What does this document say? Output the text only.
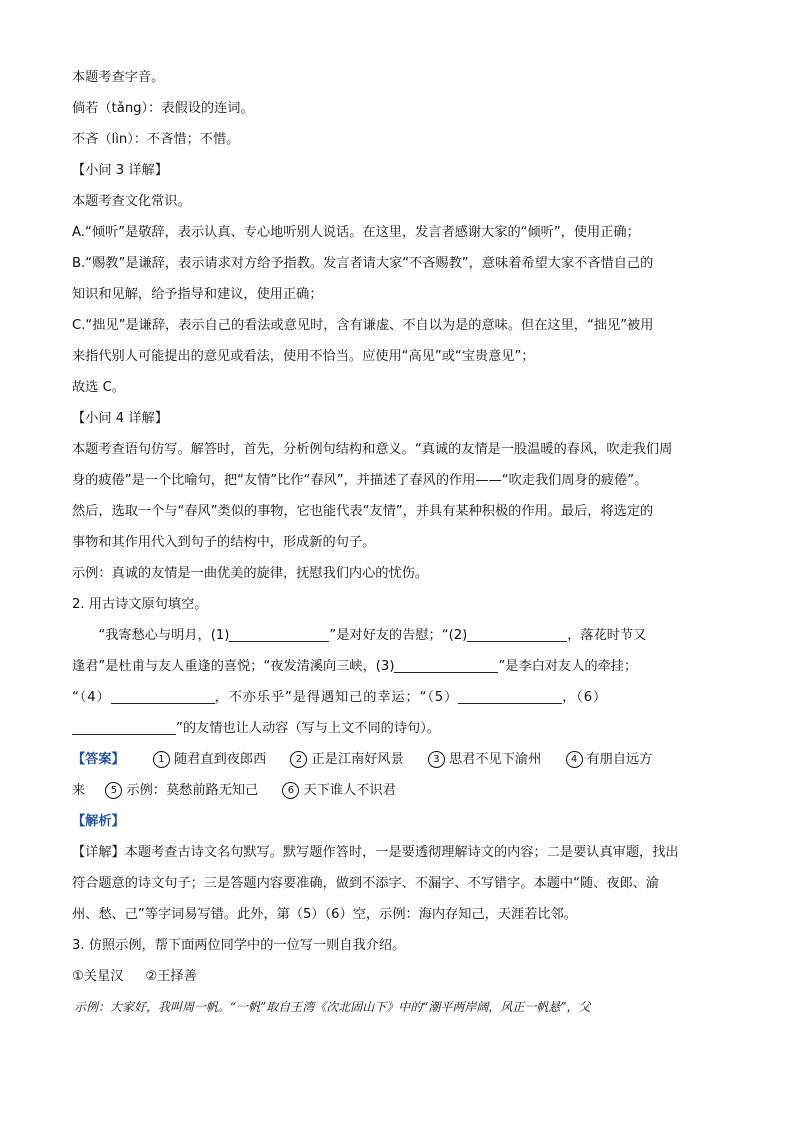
本题考查字音。
倘若（tǎng）：表假设的连词。
不吝（lìn）：不吝惜；不惜。
【小问 3 详解】
本题考查文化常识。
A.“倾听”是敬辞，表示认真、专心地听别人说话。在这里，发言者感谢大家的“倾听”，使用正确；
B.“赐教”是谦辞，表示请求对方给予指教。发言者请大家“不吝赐教”，意味着希望大家不吝惜自己的
知识和见解，给予指导和建议，使用正确；
C.“拙见”是谦辞，表示自己的看法或意见时，含有谦虚、不自以为是的意味。但在这里，“拙见”被用
来指代别人可能提出的意见或看法，使用不恰当。应使用“高见”或“宝贵意见”；
故选 C。
【小问 4 详解】
本题考查语句仿写。解答时，首先，分析例句结构和意义。“真诚的友情是一股温暖的春风，吹走我们周
身的疲倦”是一个比喻句，把“友情”比作“春风”，并描述了春风的作用——“吹走我们周身的疲倦”。
然后，选取一个与“春风”类似的事物，它也能代表“友情”，并具有某种积极的作用。最后，将选定的
事物和其作用代入到句子的结构中，形成新的句子。
示例：真诚的友情是一曲优美的旋律，抚慰我们内心的忧伤。
2. 用古诗文原句填空。
“我寄愁心与明月，(1)	”是对好友的告慰；“(2)	，落花时节又
逢君”是杜甫与友人重逢的喜悦；“夜发清溪向三峡，(3)	”是李白对友人的牵挂；
“（4）	，不亦乐乎”是得遇知己的幸运；“（5）	，（6）
”的友情也让人动容（写与上文不同的诗句）。
【答案】	1 随君直到夜郎西	2 正是江南好风景	3 思君不见下渝州	4 有朋自远方
来	5 示例：莫愁前路无知己	6 天下谁人不识君
【解析】
【详解】本题考查古诗文名句默写。默写题作答时，一是要透彻理解诗文的内容；二是要认真审题，找出
符合题意的诗文句子；三是答题内容要准确，做到不添字、不漏字、不写错字。本题中“随、夜郎、渝
州、愁、己”等字词易写错。此外，第（5）（6）空，示例：海内存知己，天涯若比邻。
3. 仿照示例，帮下面两位同学中的一位写一则自我介绍。
①关星汉 ②王择善
示例：大家好，我叫周一帆。“一帆”取自王湾《次北固山下》中的“潮平两岸阔，风正一帆悬”，父
